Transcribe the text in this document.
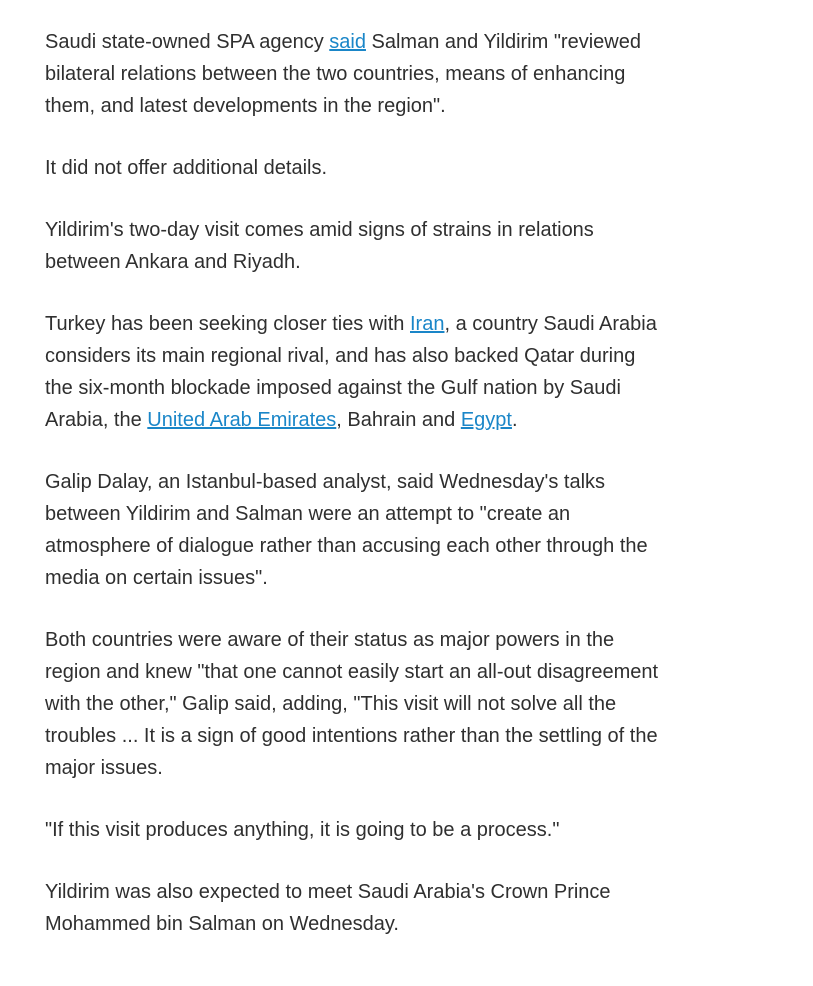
Saudi state-owned SPA agency said Salman and Yildirim "reviewed bilateral relations between the two countries, means of enhancing them, and latest developments in the region".

It did not offer additional details.

Yildirim's two-day visit comes amid signs of strains in relations between Ankara and Riyadh.

Turkey has been seeking closer ties with Iran, a country Saudi Arabia considers its main regional rival, and has also backed Qatar during the six-month blockade imposed against the Gulf nation by Saudi Arabia, the United Arab Emirates, Bahrain and Egypt.

Galip Dalay, an Istanbul-based analyst, said Wednesday's talks between Yildirim and Salman were an attempt to "create an atmosphere of dialogue rather than accusing each other through the media on certain issues".

Both countries were aware of their status as major powers in the region and knew "that one cannot easily start an all-out disagreement with the other," Galip said, adding, "This visit will not solve all the troubles ... It is a sign of good intentions rather than the settling of the major issues.

"If this visit produces anything, it is going to be a process."

Yildirim was also expected to meet Saudi Arabia's Crown Prince Mohammed bin Salman on Wednesday.
